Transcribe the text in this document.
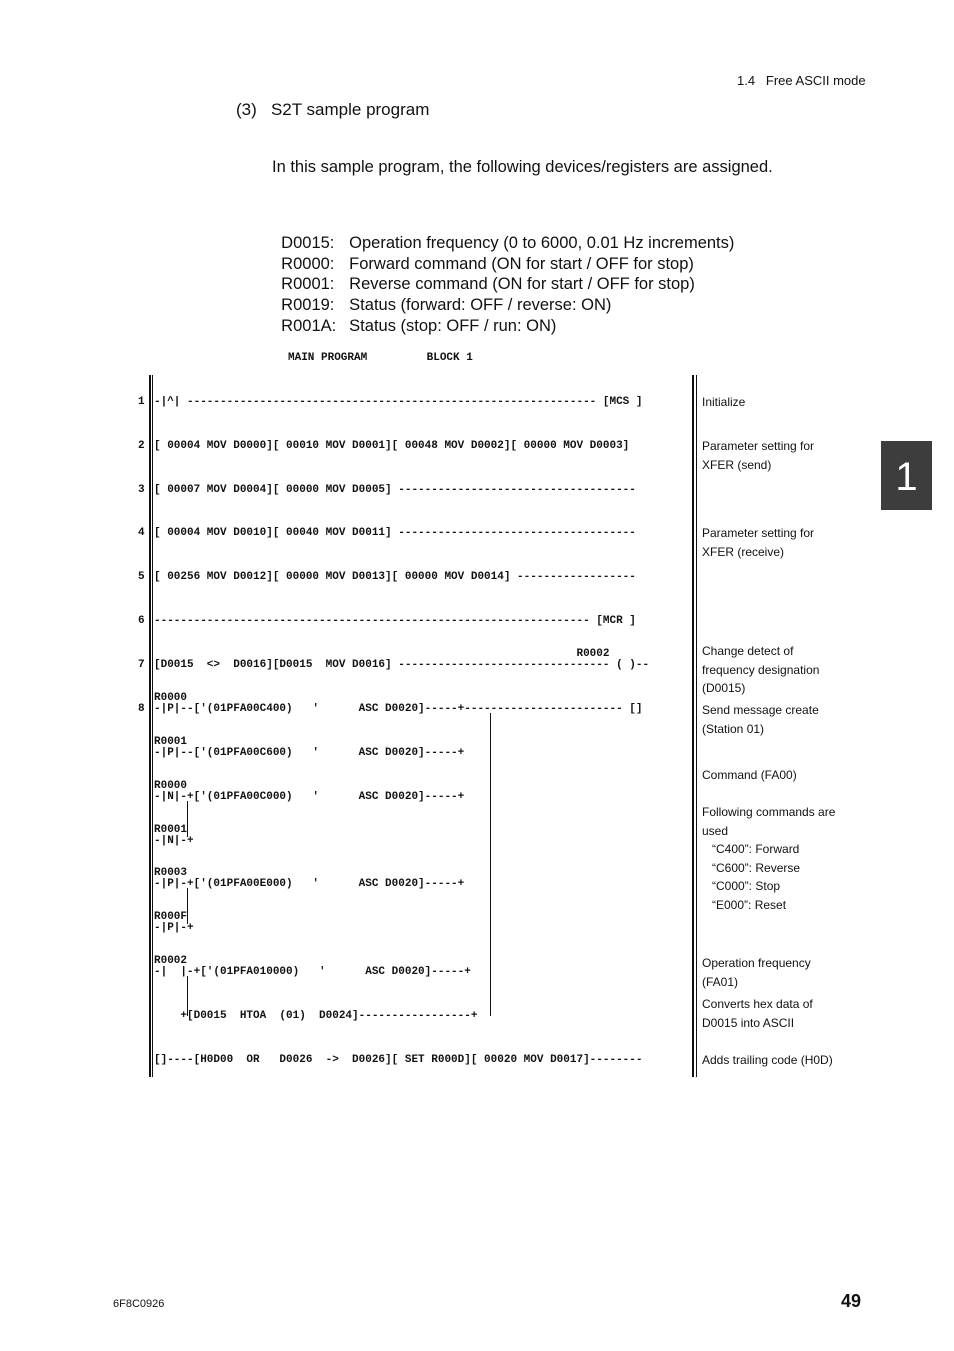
1.4   Free ASCII mode
(3)   S2T sample program
In this sample program, the following devices/registers are assigned.

D0015: Operation frequency (0 to 6000, 0.01 Hz increments)

R0000: Forward command (ON for start / OFF for stop)

R0001: Reverse command (ON for start / OFF for stop)

R0019: Status (forward: OFF / reverse: ON)

R001A: Status (stop: OFF / run: ON)

MAIN PROGRAM         BLOCK 1
1
2
3
4
5
6
7
8
-|^| -------------------------------------------------------------- [MCS ]
[ 00004 MOV D0000][ 00010 MOV D0001][ 00048 MOV D0002][ 00000 MOV D0003]
[ 00007 MOV D0004][ 00000 MOV D0005] ------------------------------------
[ 00004 MOV D0010][ 00040 MOV D0011] ------------------------------------
[ 00256 MOV D0012][ 00000 MOV D0013][ 00000 MOV D0014] ------------------
------------------------------------------------------------------ [MCR ]
R0002
[D0015  <>  D0016][D0015  MOV D0016] -------------------------------- ( )--
R0000
-|P|--['(01PFA00C400)   '      ASC D0020]-----+------------------------ []
R0001
-|P|--['(01PFA00C600)   '      ASC D0020]-----+
R0000
-|N|-+['(01PFA00C000)   '      ASC D0020]-----+
R0001
-|N|-+
R0003
-|P|-+['(01PFA00E000)   '      ASC D0020]-----+
R000F
-|P|-+
R0002
-|  |-+['(01PFA010000)   '      ASC D0020]-----+
+[D0015  HTOA  (01)  D0024]-----------------+
[]----[H0D00  OR   D0026  ->  D0026][ SET R000D][ 00020 MOV D0017]--------
Initialize
Parameter setting for
XFER (send)
Parameter setting for
XFER (receive)
Change detect of
frequency designation
(D0015)
Send message create
(Station 01)
Command (FA00)
Following commands are
used
“C400”: Forward
“C600”: Reverse
“C000”: Stop
“E000”: Reset
Operation frequency
(FA01)
Converts hex data of
D0015 into ASCII
Adds trailing code (H0D)
1
6F8C0926	49
